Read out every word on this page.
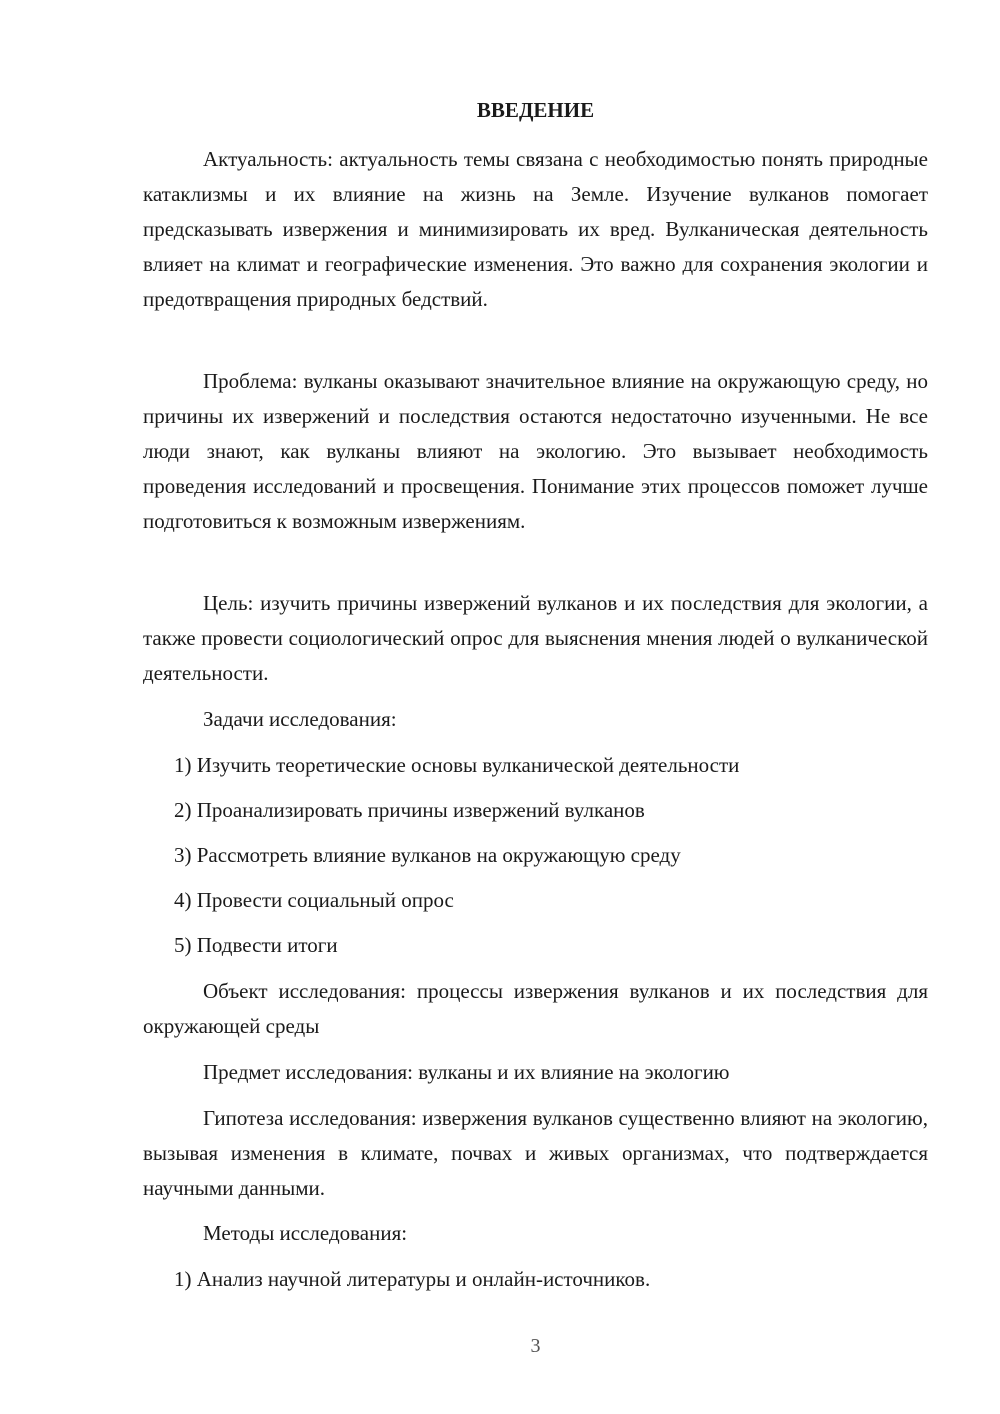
ВВЕДЕНИЕ

Актуальность: актуальность темы связана с необходимостью понять природные катаклизмы и их влияние на жизнь на Земле. Изучение вулканов помогает предсказывать извержения и минимизировать их вред. Вулканическая деятельность влияет на климат и географические изменения. Это важно для сохранения экологии и предотвращения природных бедствий.

Проблема: вулканы оказывают значительное влияние на окружающую среду, но причины их извержений и последствия остаются недостаточно изученными. Не все люди знают, как вулканы влияют на экологию. Это вызывает необходимость проведения исследований и просвещения. Понимание этих процессов поможет лучше подготовиться к возможным извержениям.

Цель: изучить причины извержений вулканов и их последствия для экологии, а также провести социологический опрос для выяснения мнения людей о вулканической деятельности.

Задачи исследования:

1) Изучить теоретические основы вулканической деятельности

2) Проанализировать причины извержений вулканов

3) Рассмотреть влияние вулканов на окружающую среду

4) Провести социальный опрос

5) Подвести итоги

Объект исследования: процессы извержения вулканов и их последствия для окружающей среды

Предмет исследования: вулканы и их влияние на экологию

Гипотеза исследования: извержения вулканов существенно влияют на экологию, вызывая изменения в климате, почвах и живых организмах, что подтверждается научными данными.

Методы исследования:

1) Анализ научной литературы и онлайн-источников.

3
